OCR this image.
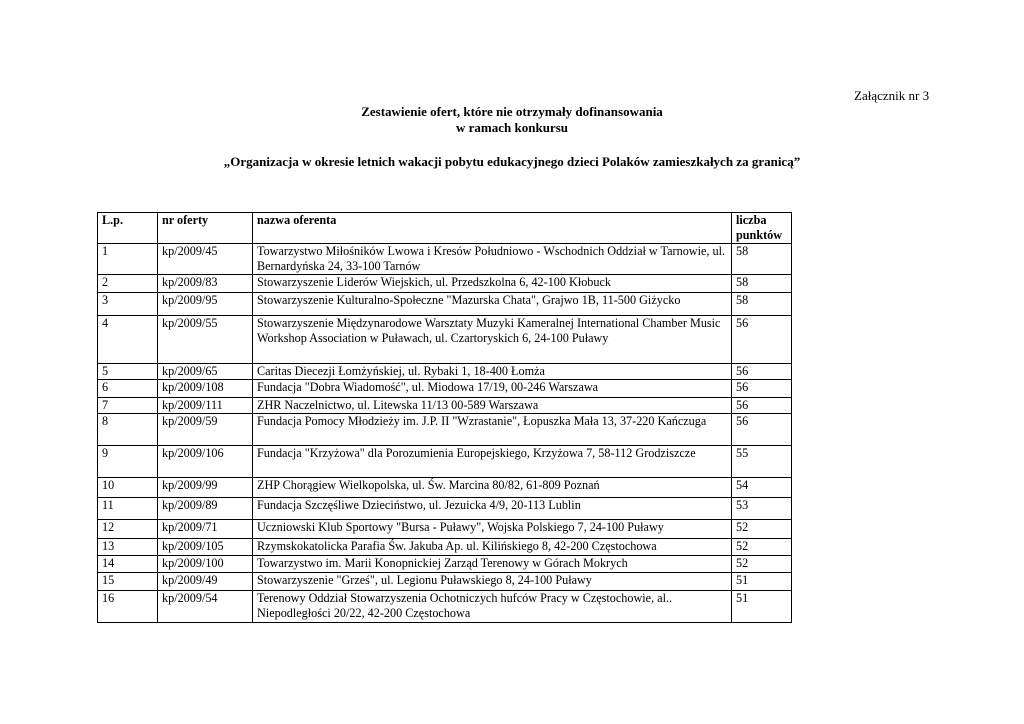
Załącznik nr 3
Zestawienie ofert, które nie otrzymały dofinansowania
w ramach konkursu
„Organizacja w okresie letnich wakacji pobytu edukacyjnego dzieci Polaków zamieszkałych za granicą”
L.p.	nr oferty	nazwa oferenta	liczba punktów
1	kp/2009/45	Towarzystwo Miłośników Lwowa i Kresów Południowo - Wschodnich Oddział w Tarnowie, ul. Bernardyńska 24, 33-100 Tarnów	58
2	kp/2009/83	Stowarzyszenie Liderów Wiejskich, ul. Przedszkolna 6, 42-100 Kłobuck	58
3	kp/2009/95	Stowarzyszenie Kulturalno-Społeczne "Mazurska Chata", Grajwo 1B, 11-500 Giżycko	58
4	kp/2009/55	Stowarzyszenie Międzynarodowe Warsztaty Muzyki Kameralnej International Chamber Music Workshop Association w Puławach, ul. Czartoryskich 6, 24-100 Puławy	56
5	kp/2009/65	Caritas Diecezji Łomżyńskiej, ul. Rybaki 1, 18-400 Łomża	56
6	kp/2009/108	Fundacja "Dobra Wiadomość", ul. Miodowa 17/19, 00-246 Warszawa	56
7	kp/2009/111	ZHR Naczelnictwo, ul. Litewska 11/13 00-589 Warszawa	56
8	kp/2009/59	Fundacja Pomocy Młodzieży im. J.P. II "Wzrastanie", Łopuszka Mała 13, 37-220 Kańczuga	56
9	kp/2009/106	Fundacja "Krzyżowa" dla Porozumienia Europejskiego, Krzyżowa 7, 58-112 Grodziszcze	55
10	kp/2009/99	ZHP Chorągiew Wielkopolska, ul. Św. Marcina 80/82, 61-809 Poznań	54
11	kp/2009/89	Fundacja Szczęśliwe Dzieciństwo, ul. Jezuicka 4/9, 20-113 Lublin	53
12	kp/2009/71	Uczniowski Klub Sportowy "Bursa - Puławy", Wojska Polskiego 7, 24-100 Puławy	52
13	kp/2009/105	Rzymskokatolicka Parafia Św. Jakuba Ap. ul. Kilińskiego 8, 42-200 Częstochowa	52
14	kp/2009/100	Towarzystwo im. Marii Konopnickiej Zarząd Terenowy w Górach Mokrych	52
15	kp/2009/49	Stowarzyszenie "Grześ", ul. Legionu Puławskiego 8, 24-100 Puławy	51
16	kp/2009/54	Terenowy Oddział Stowarzyszenia Ochotniczych hufców Pracy w Częstochowie, al.. Niepodległości 20/22, 42-200 Częstochowa	51
